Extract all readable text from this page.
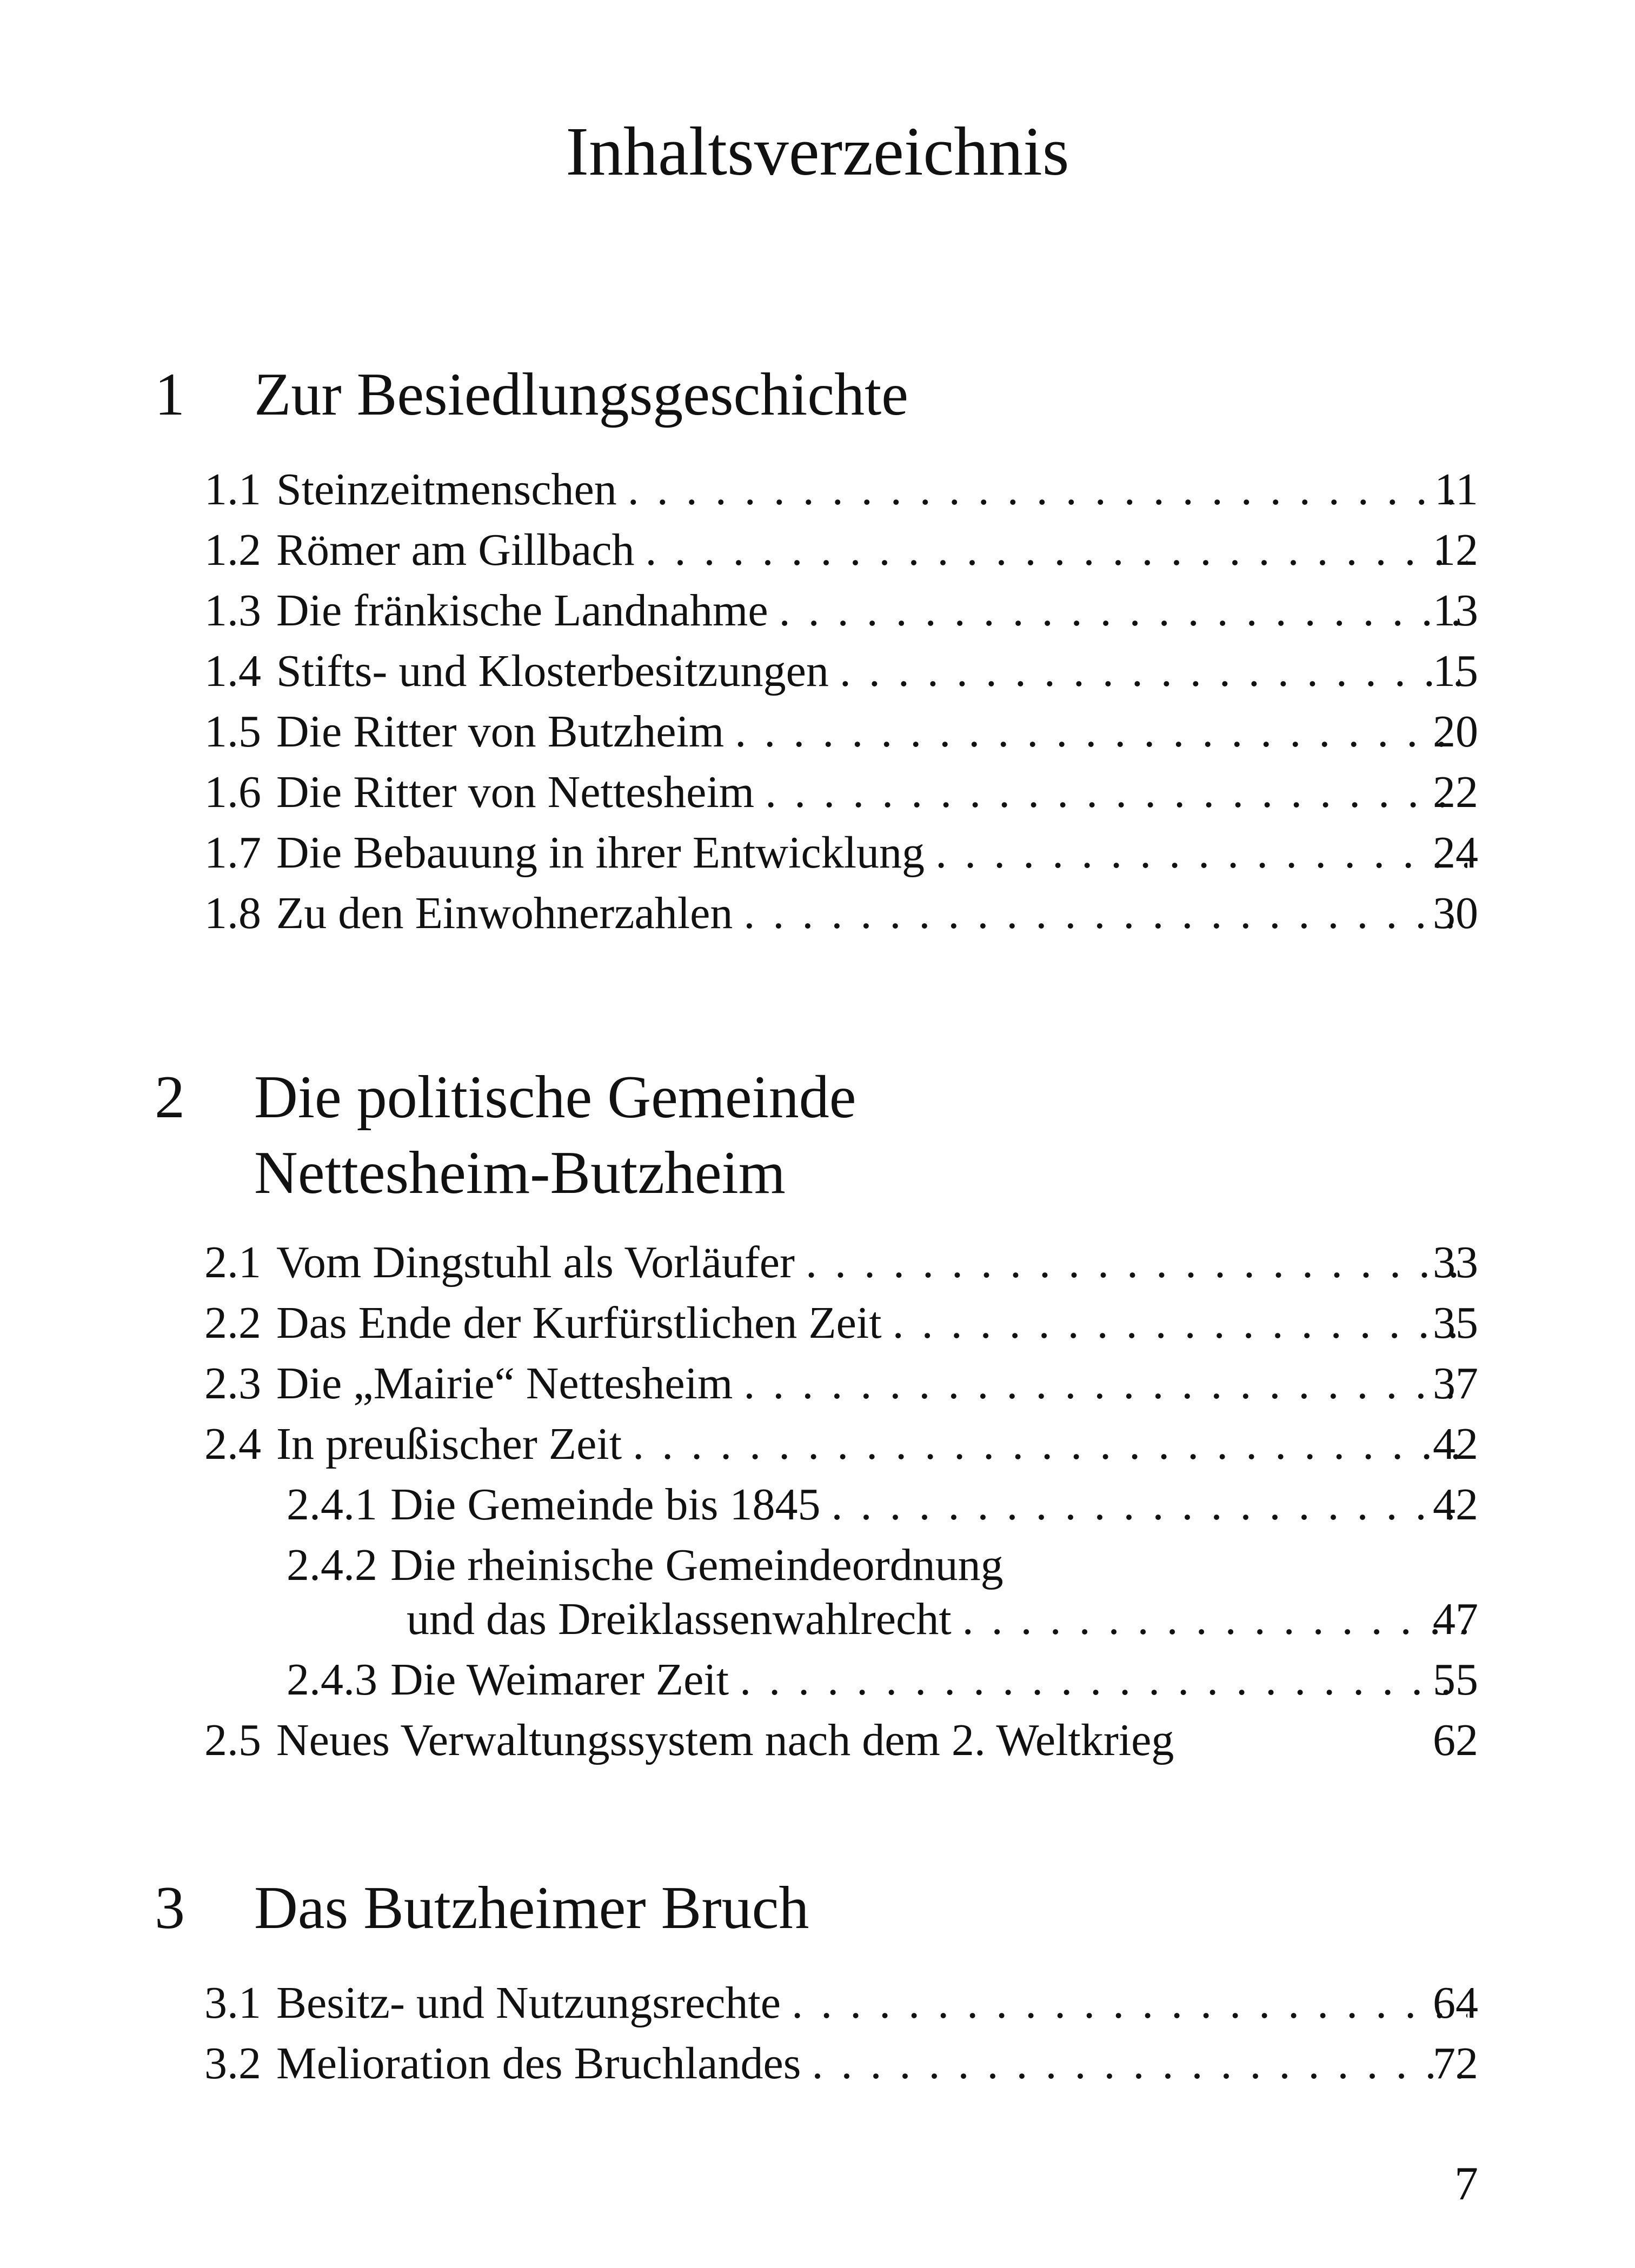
Inhaltsverzeichnis
1 Zur Besiedlungsgeschichte
1.1 Steinzeitmenschen . . .	11
1.2 Römer am Gillbach . . .	12
1.3 Die fränkische Landnahme . . .	13
1.4 Stifts- und Klosterbesitzungen . . .	15
1.5 Die Ritter von Butzheim . . .	20
1.6 Die Ritter von Nettesheim . . .	22
1.7 Die Bebauung in ihrer Entwicklung . . .	24
1.8 Zu den Einwohnerzahlen . . .	30
2 Die politische Gemeinde
Nettesheim-Butzheim
2.1 Vom Dingstuhl als Vorläufer . . .	33
2.2 Das Ende der Kurfürstlichen Zeit . . .	35
2.3 Die „Mairie“ Nettesheim . . .	37
2.4 In preußischer Zeit . . .	42
2.4.1 Die Gemeinde bis 1845 . . .	42
2.4.2 Die rheinische Gemeindeordnung
und das Dreiklassenwahlrecht . . .	47
2.4.3 Die Weimarer Zeit . . .	55
2.5 Neues Verwaltungssystem nach dem 2. Weltkrieg	62
3 Das Butzheimer Bruch
3.1 Besitz- und Nutzungsrechte . . .	64
3.2 Melioration des Bruchlandes . . .	72
7
